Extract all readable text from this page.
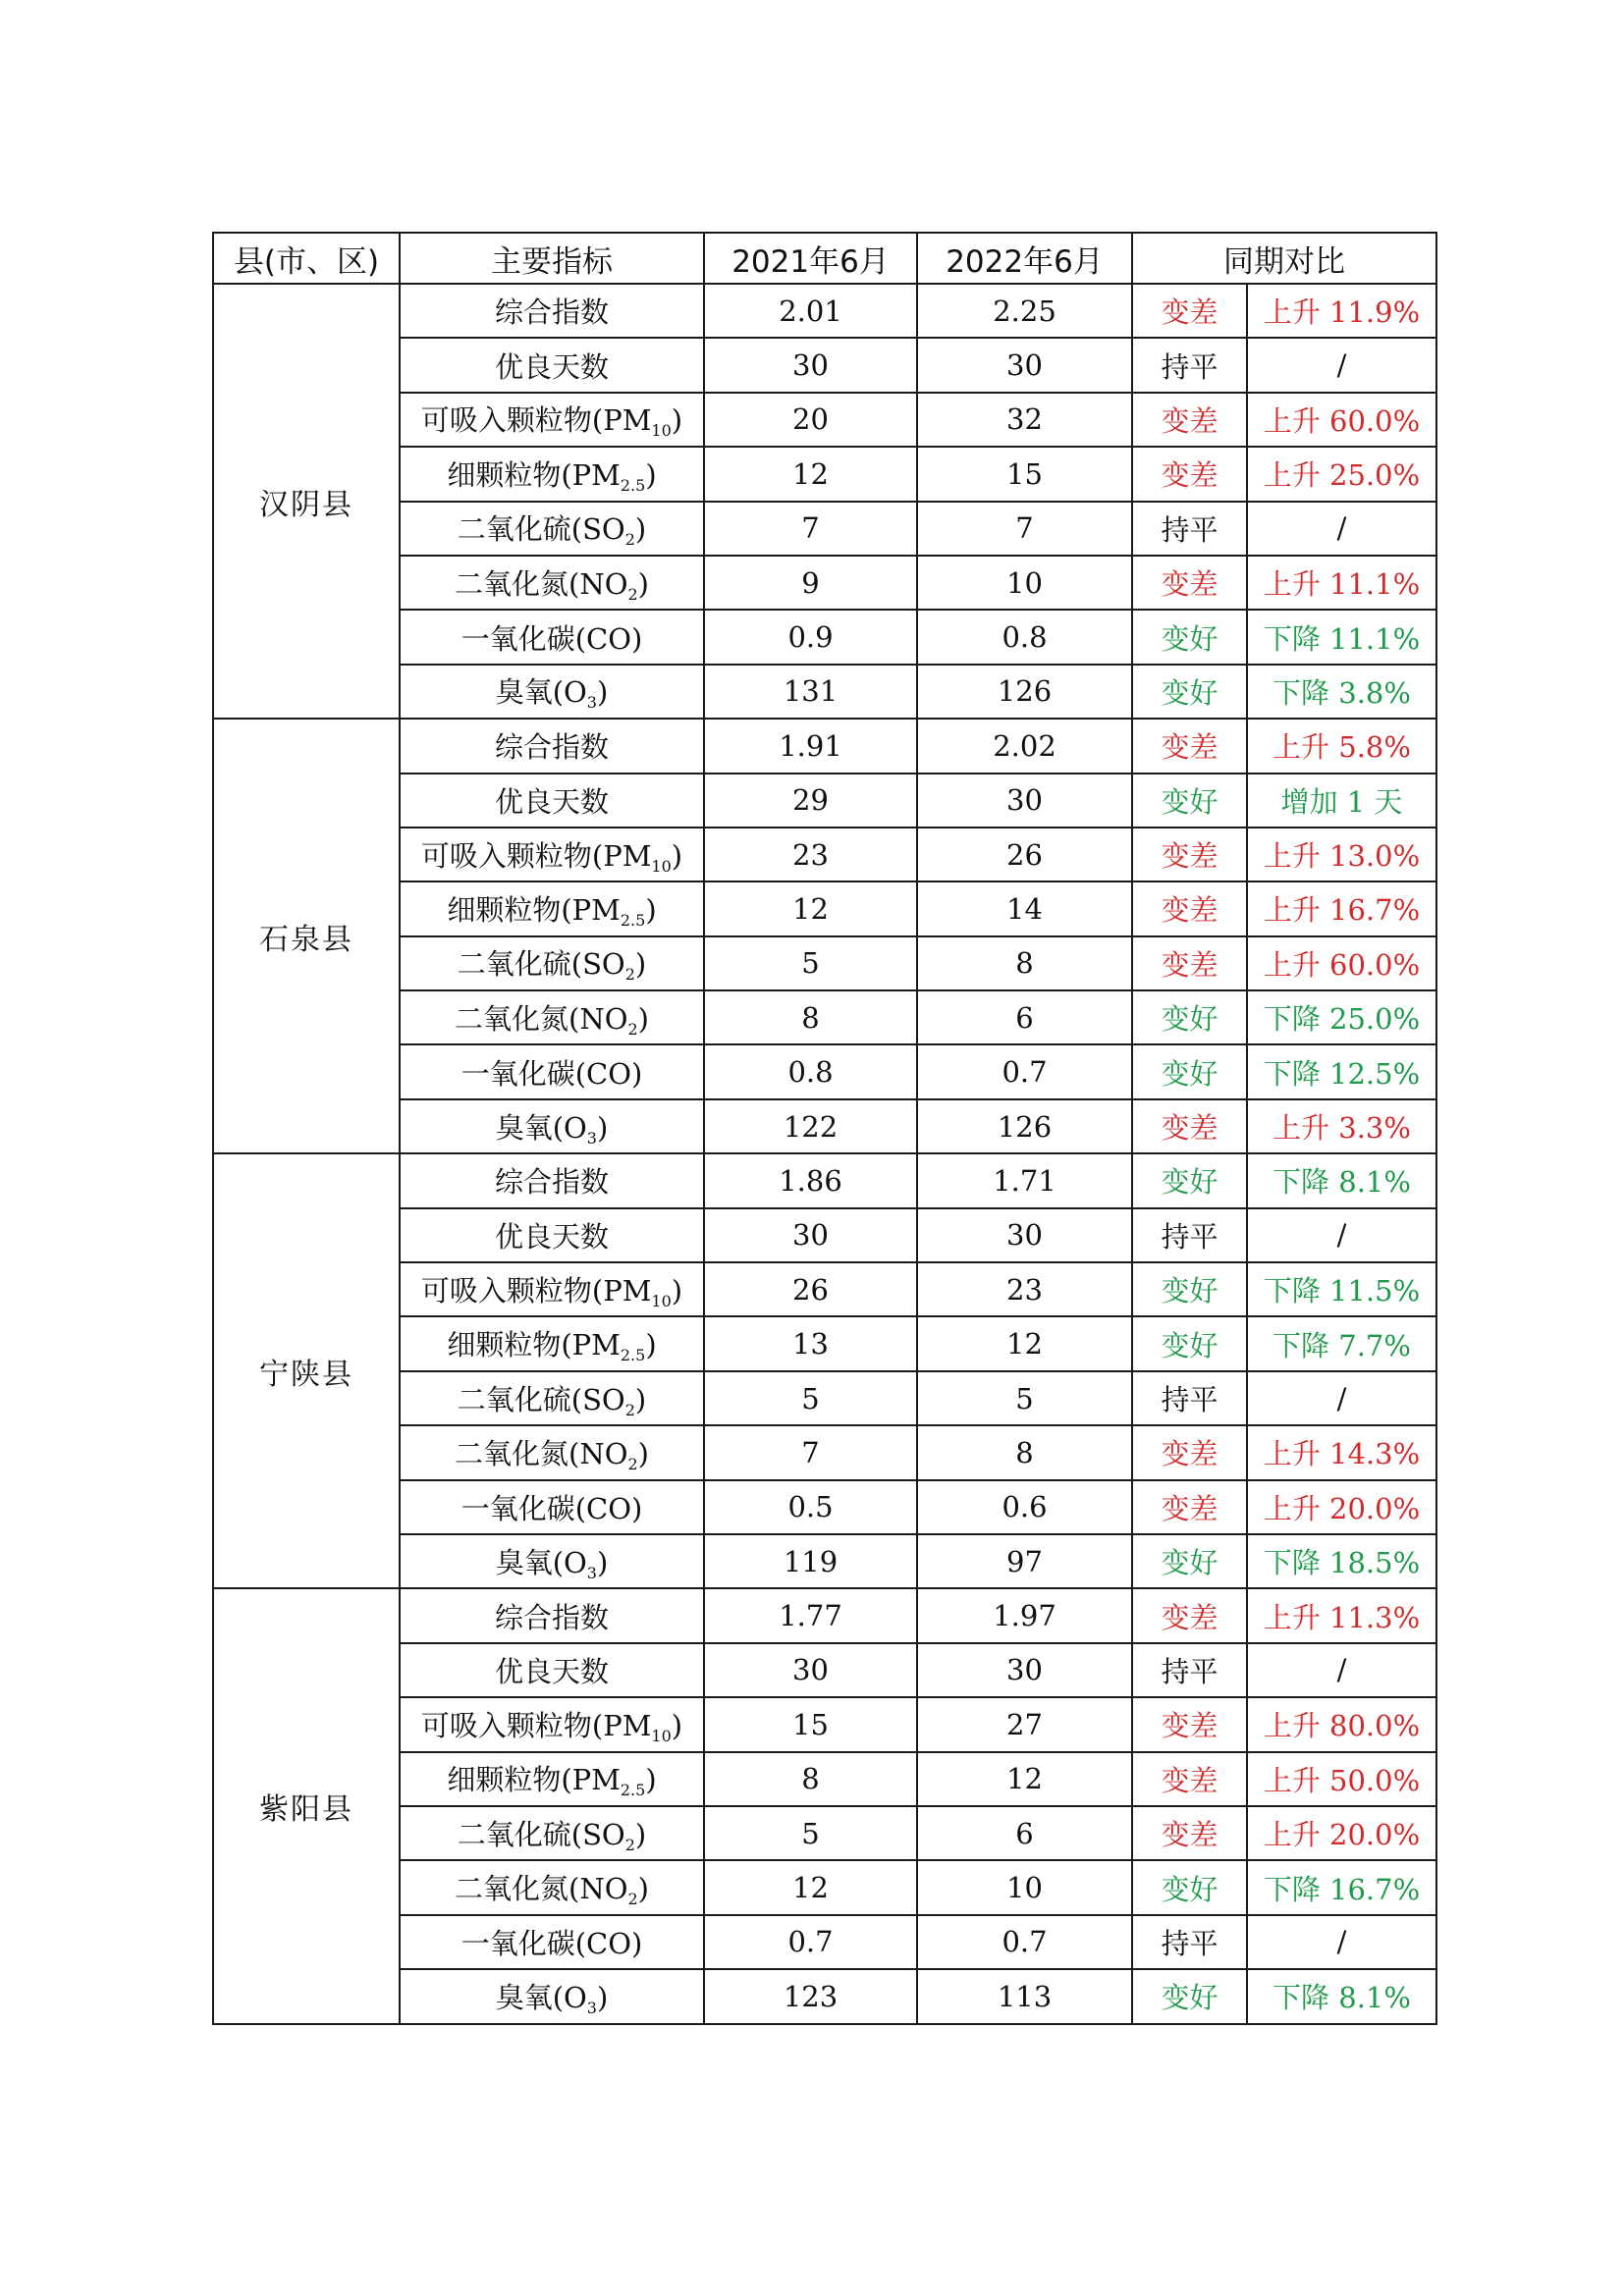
县(市、区)	主要指标	2021年6月	2022年6月	同期对比	
汉阴县	综合指数	2.01	2.25	变差	上升 11.9%
	优良天数	30	30	持平	/
	可吸入颗粒物$(PM_{10})$	20	32	变差	上升 60.0%
	细颗粒物$(PM_{2.5})$	12	15	变差	上升 25.0%
	二氧化硫$(SO_2)$	7	7	持平	/
	二氧化氮$(NO_2)$	9	10	变差	上升 11.1%
	一氧化碳(CO)	0.9	0.8	变好	下降 11.1%
	臭氧$(O_3)$	131	126	变好	下降 3.8%
石泉县	综合指数	1.91	2.02	变差	上升 5.8%
	优良天数	29	30	变好	增加 1 天
	可吸入颗粒物$(PM_{10})$	23	26	变差	上升 13.0%
	细颗粒物$(PM_{2.5})$	12	14	变差	上升 16.7%
	二氧化硫$(SO_2)$	5	8	变差	上升 60.0%
	二氧化氮$(NO_2)$	8	6	变好	下降 25.0%
	一氧化碳(CO)	0.8	0.7	变好	下降 12.5%
	臭氧$(O_3)$	122	126	变差	上升 3.3%
宁陕县	综合指数	1.86	1.71	变好	下降 8.1%
	优良天数	30	30	持平	/
	可吸入颗粒物$(PM_{10})$	26	23	变好	下降 11.5%
	细颗粒物$(PM_{2.5})$	13	12	变好	下降 7.7%
	二氧化硫$(SO_2)$	5	5	持平	/
	二氧化氮$(NO_2)$	7	8	变差	上升 14.3%
	一氧化碳(CO)	0.5	0.6	变差	上升 20.0%
	臭氧$(O_3)$	119	97	变好	下降 18.5%
紫阳县	综合指数	1.77	1.97	变差	上升 11.3%
	优良天数	30	30	持平	/
	可吸入颗粒物$(PM_{10})$	15	27	变差	上升 80.0%
	细颗粒物$(PM_{2.5})$	8	12	变差	上升 50.0%
	二氧化硫$(SO_2)$	5	6	变差	上升 20.0%
	二氧化氮$(NO_2)$	12	10	变好	下降 16.7%
	一氧化碳(CO)	0.7	0.7	持平	/
	臭氧$(O_3)$	123	113	变好	下降 8.1%
